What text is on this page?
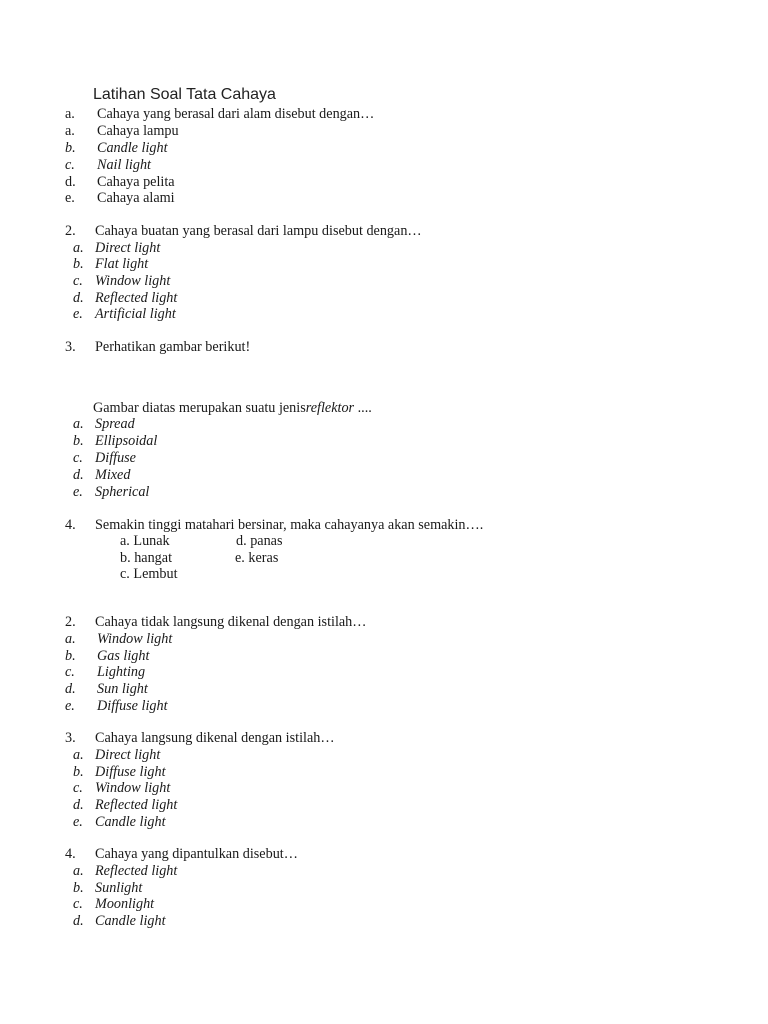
Latihan Soal Tata Cahaya
a. Cahaya yang berasal dari alam disebut dengan…
a. Cahaya lampu
b. Candle light
c. Nail light
d. Cahaya pelita
e. Cahaya alami
2. Cahaya buatan yang berasal dari lampu disebut dengan…
a. Direct light
b. Flat light
c. Window light
d. Reflected light
e. Artificial light
3. Perhatikan gambar berikut!
Gambar diatas merupakan suatu jenisreflektor ....
a. Spread
b. Ellipsoidal
c. Diffuse
d. Mixed
e. Spherical
4. Semakin tinggi matahari bersinar, maka cahayanya akan semakin….
a. Lunak	d. panas
b. hangat	e. keras
c. Lembut
2. Cahaya tidak langsung dikenal dengan istilah…
a. Window light
b. Gas light
c. Lighting
d. Sun light
e. Diffuse light
3. Cahaya langsung dikenal dengan istilah…
a. Direct light
b. Diffuse light
c. Window light
d. Reflected light
e. Candle light
4. Cahaya yang dipantulkan disebut…
a. Reflected light
b. Sunlight
c. Moonlight
d. Candle light
